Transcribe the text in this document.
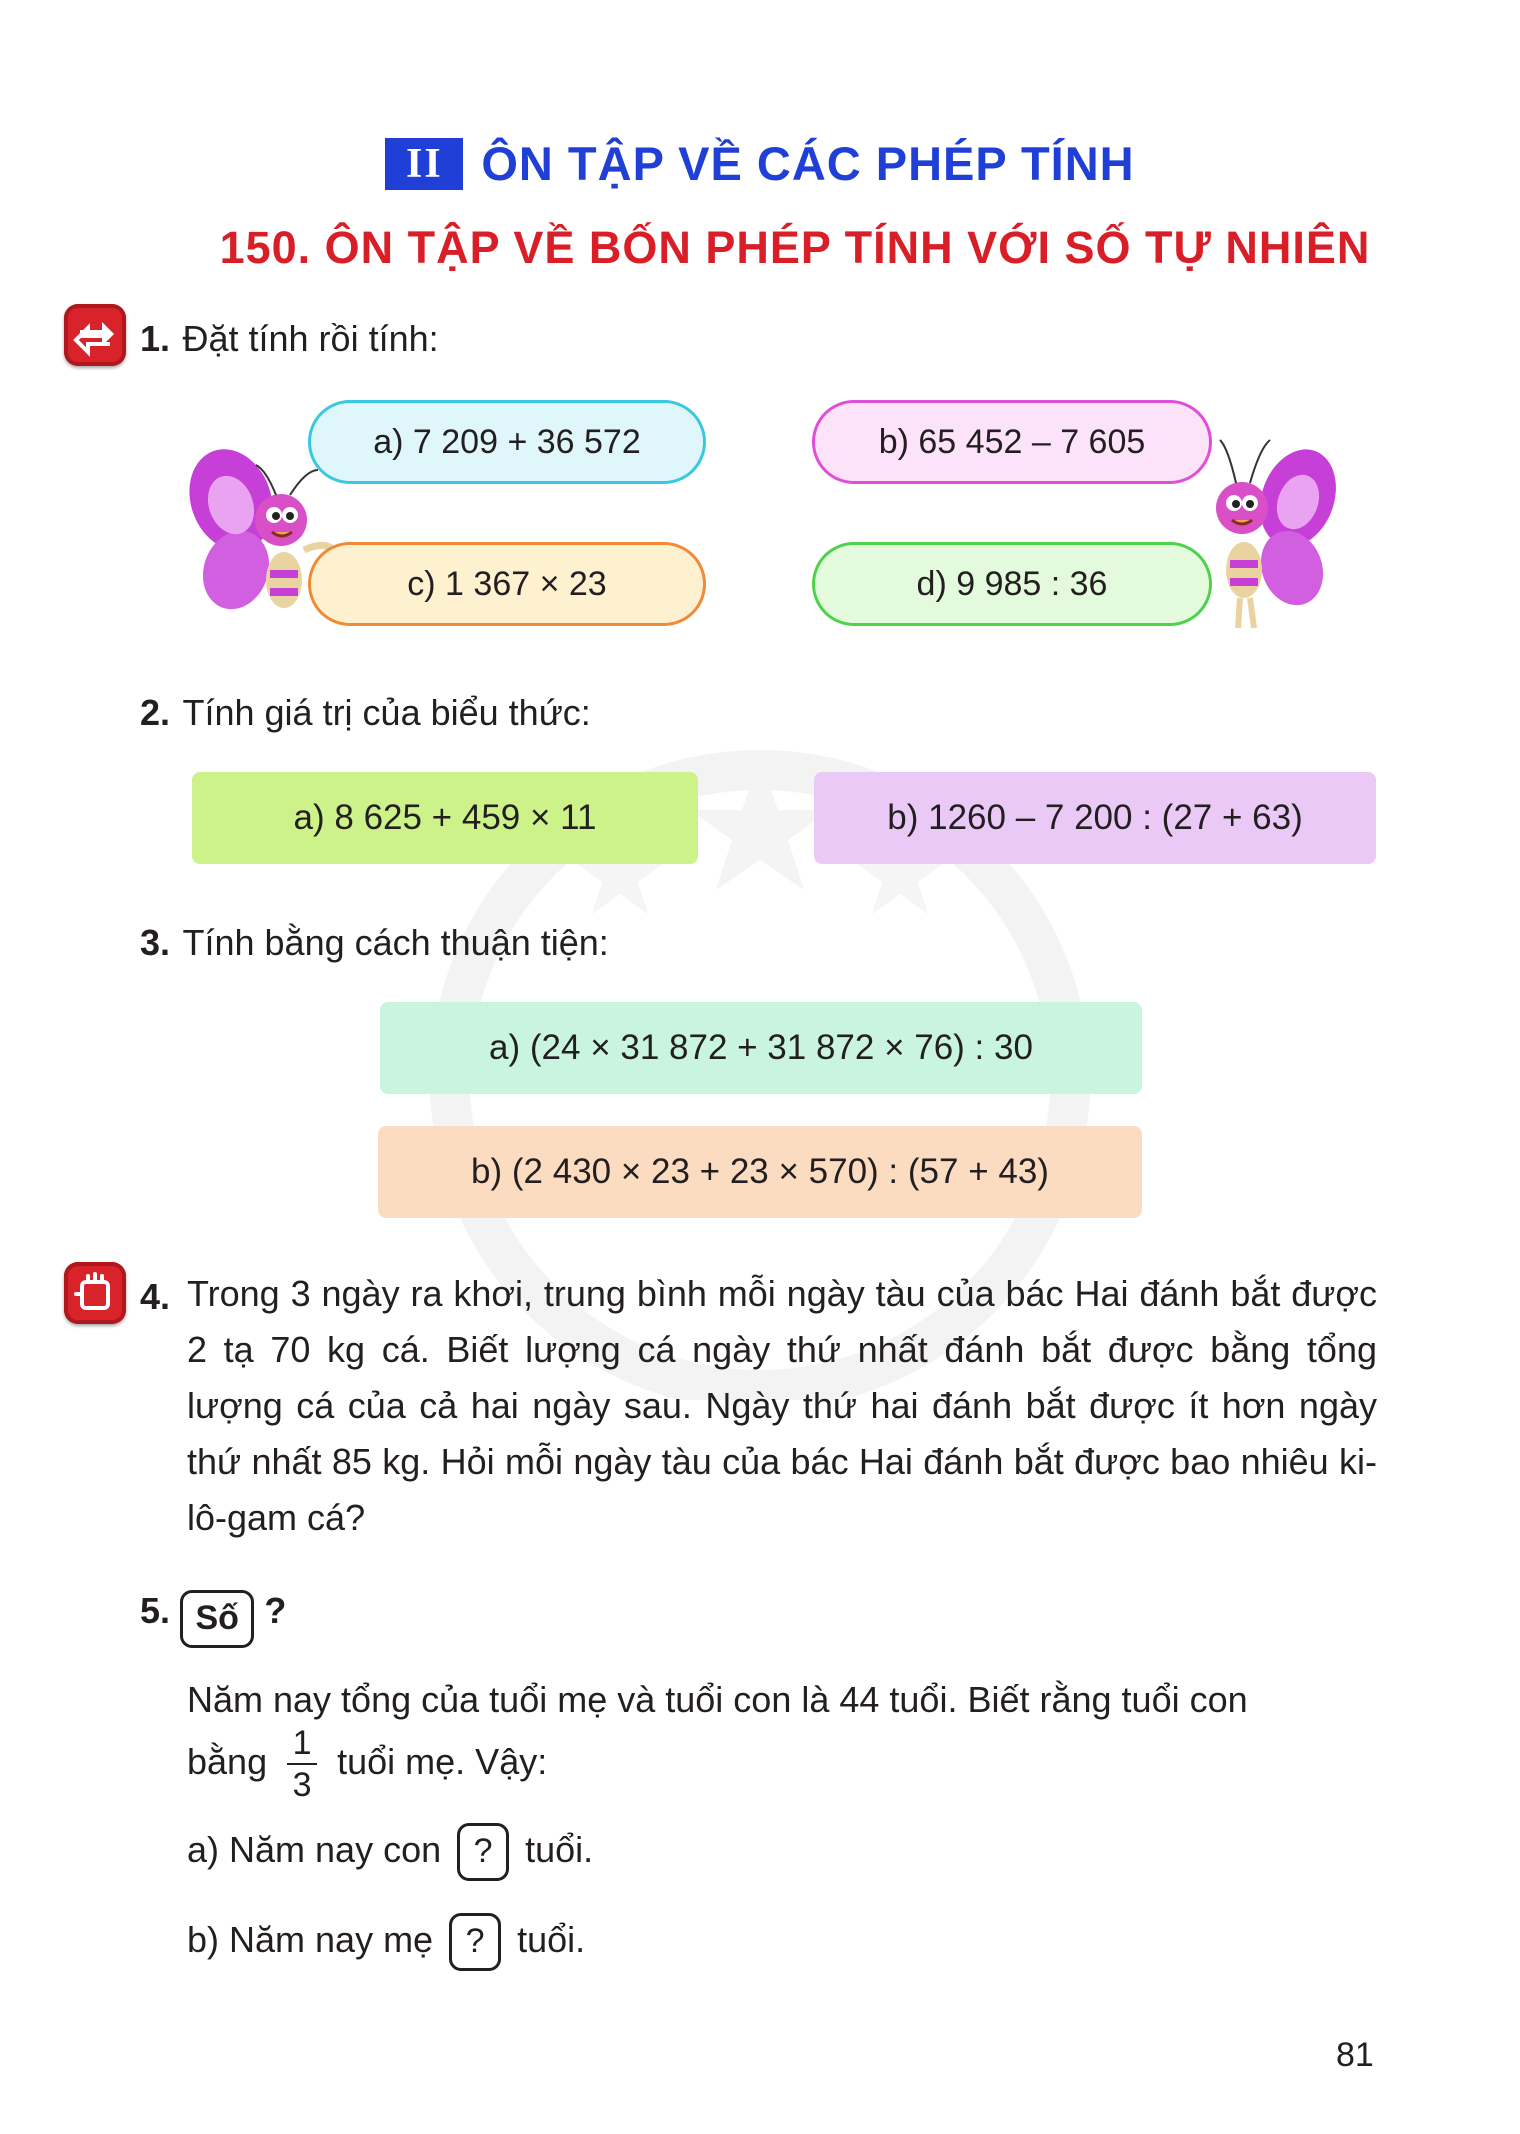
II ÔN TẬP VỀ CÁC PHÉP TÍNH
150. ÔN TẬP VỀ BỐN PHÉP TÍNH VỚI SỐ TỰ NHIÊN
1. Đặt tính rồi tính:
a) 7 209 + 36 572	b) 65 452 – 7 605
c) 1 367 × 23	d) 9 985 : 36
2. Tính giá trị của biểu thức:
a) 8 625 + 459 × 11	b) 1260 – 7 200 : (27 + 63)
3. Tính bằng cách thuận tiện:
a) (24 × 31 872 + 31 872 × 76) : 30
b) (2 430 × 23 + 23 × 570) : (57 + 43)
4. Trong 3 ngày ra khơi, trung bình mỗi ngày tàu của bác Hai đánh bắt được 2 tạ 70 kg cá. Biết lượng cá ngày thứ nhất đánh bắt được bằng tổng lượng cá của cả hai ngày sau. Ngày thứ hai đánh bắt được ít hơn ngày thứ nhất 85 kg. Hỏi mỗi ngày tàu của bác Hai đánh bắt được bao nhiêu ki-lô-gam cá?
5. Số ?
Năm nay tổng của tuổi mẹ và tuổi con là 44 tuổi. Biết rằng tuổi con
bằng $\frac{1}{3}$ tuổi mẹ. Vậy:
a) Năm nay con ? tuổi.
b) Năm nay mẹ ? tuổi.
81
